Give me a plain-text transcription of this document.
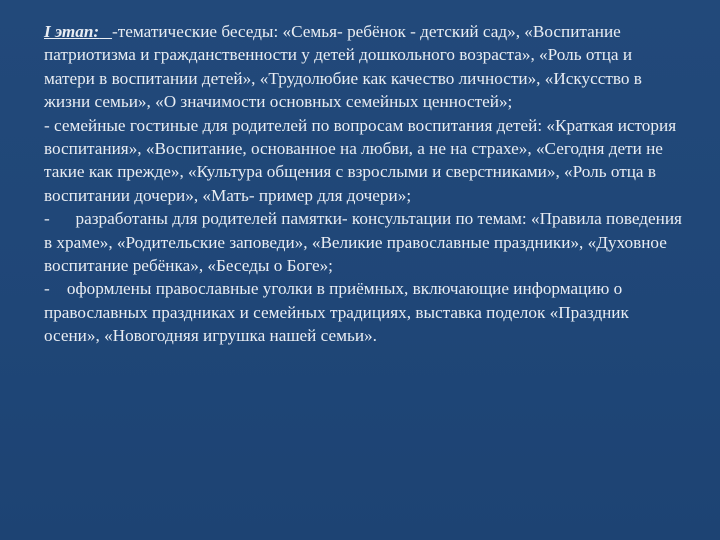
I этап: -тематические беседы: «Семья- ребёнок - детский сад», «Воспитание патриотизма и гражданственности у детей дошкольного возраста», «Роль отца и матери в воспитании детей», «Трудолюбие как качество личности», «Искусство в жизни семьи», «О значимости основных семейных ценностей»;

- семейные гостиные для родителей по вопросам воспитания детей: «Краткая история воспитания», «Воспитание, основанное на любви, а не на страхе», «Сегодня дети не такие как прежде», «Культура общения с взрослыми и сверстниками», «Роль отца в воспитании дочери», «Мать- пример для дочери»;

-      разработаны для родителей памятки- консультации по темам: «Правила поведения в храме», «Родительские заповеди», «Великие православные праздники», «Духовное воспитание ребёнка», «Беседы о Боге»;

-    оформлены православные уголки в приёмных, включающие информацию о православных праздниках и семейных традициях, выставка поделок «Праздник осени», «Новогодняя игрушка нашей семьи».
